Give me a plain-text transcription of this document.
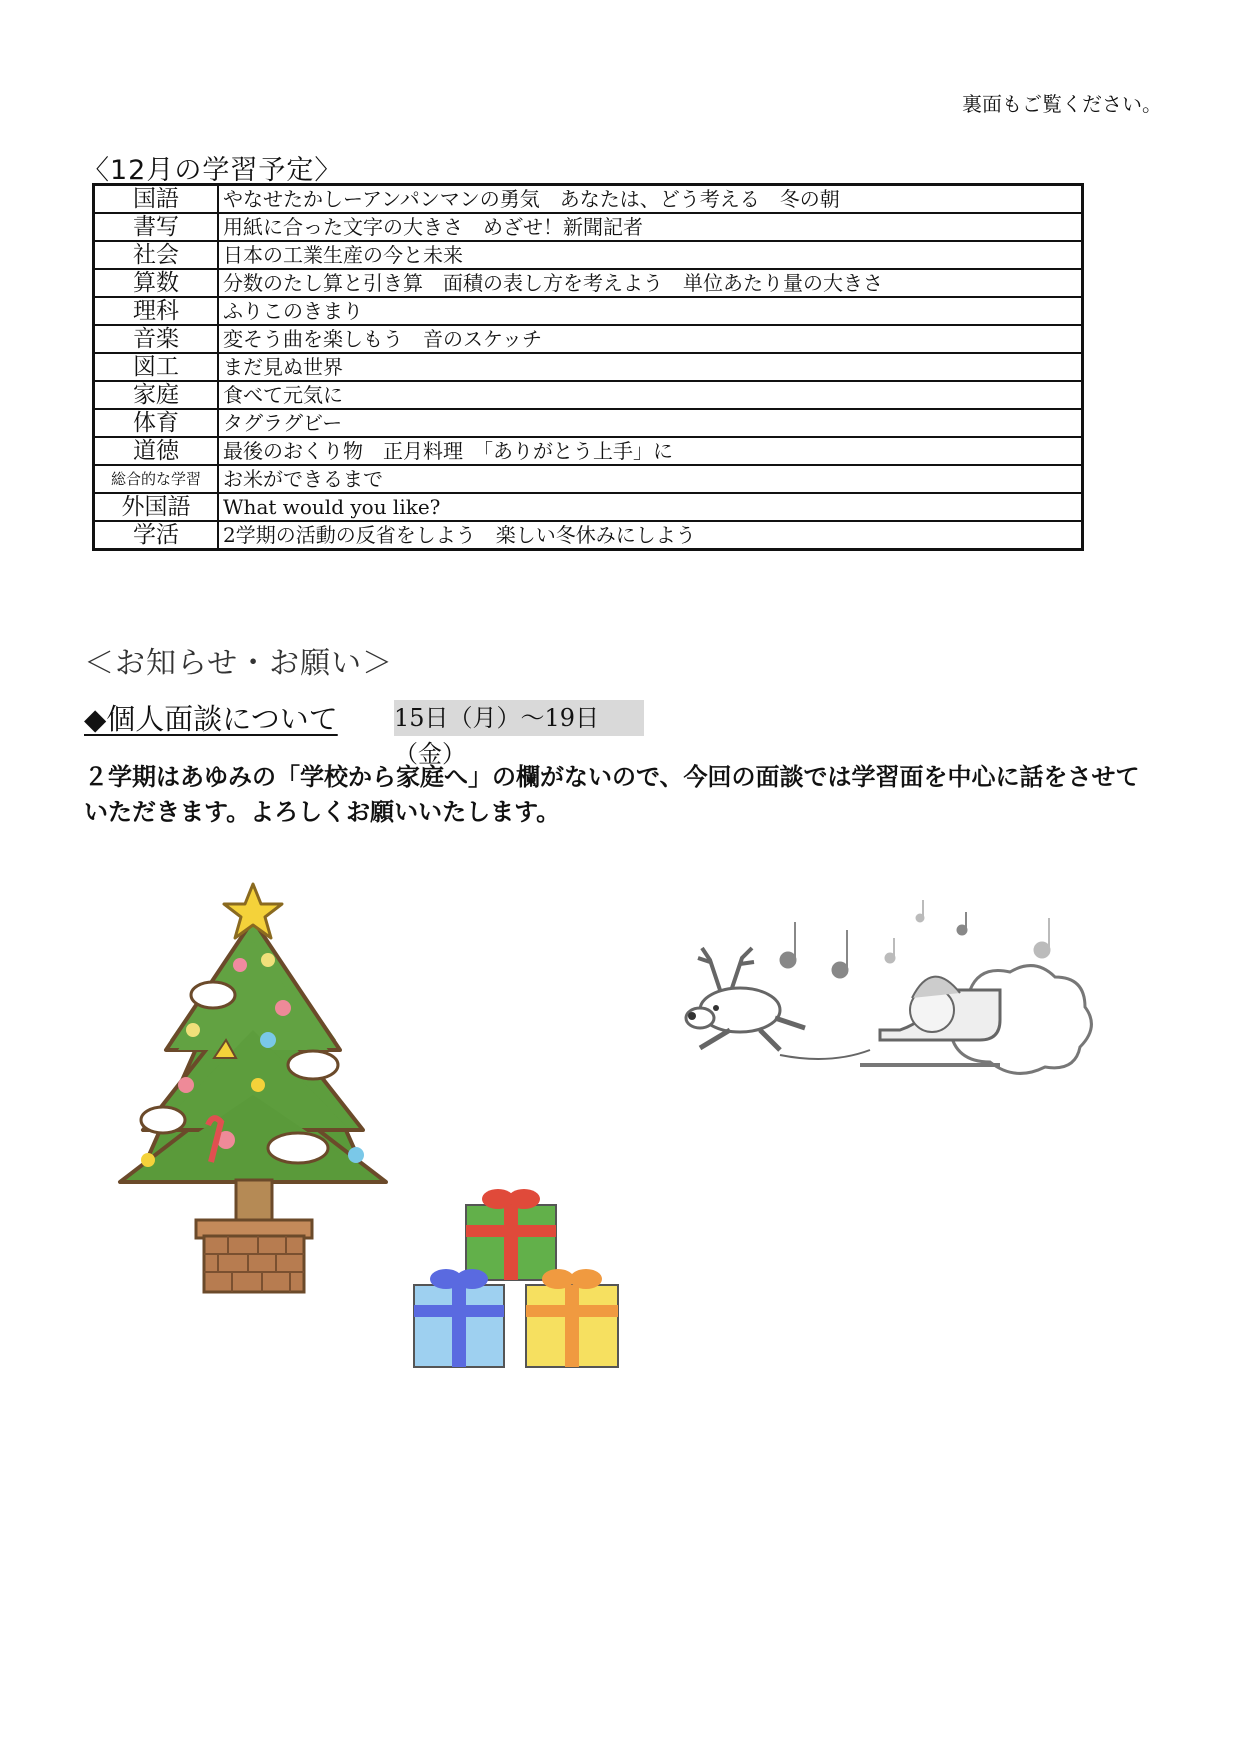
裏面もご覧ください。
〈12月の学習予定〉
国語	やなせたかしーアンパンマンの勇気　あなたは、どう考える　冬の朝
書写	用紙に合った文字の大きさ　めざせ！新聞記者
社会	日本の工業生産の今と未来
算数	分数のたし算と引き算　面積の表し方を考えよう　単位あたり量の大きさ
理科	ふりこのきまり
音楽	変そう曲を楽しもう　音のスケッチ
図工	まだ見ぬ世界
家庭	食べて元気に
体育	タグラグビー
道徳	最後のおくり物　正月料理　「ありがとう上手」に
総合的な学習	お米ができるまで
外国語	What would you like?
学活	2学期の活動の反省をしよう　楽しい冬休みにしよう
＜お知らせ・お願い＞
◆個人面談について 15日（月）～19日（金）
２学期はあゆみの「学校から家庭へ」の欄がないので、今回の面談では学習面を中心に話をさせていただきます。よろしくお願いいたします。
